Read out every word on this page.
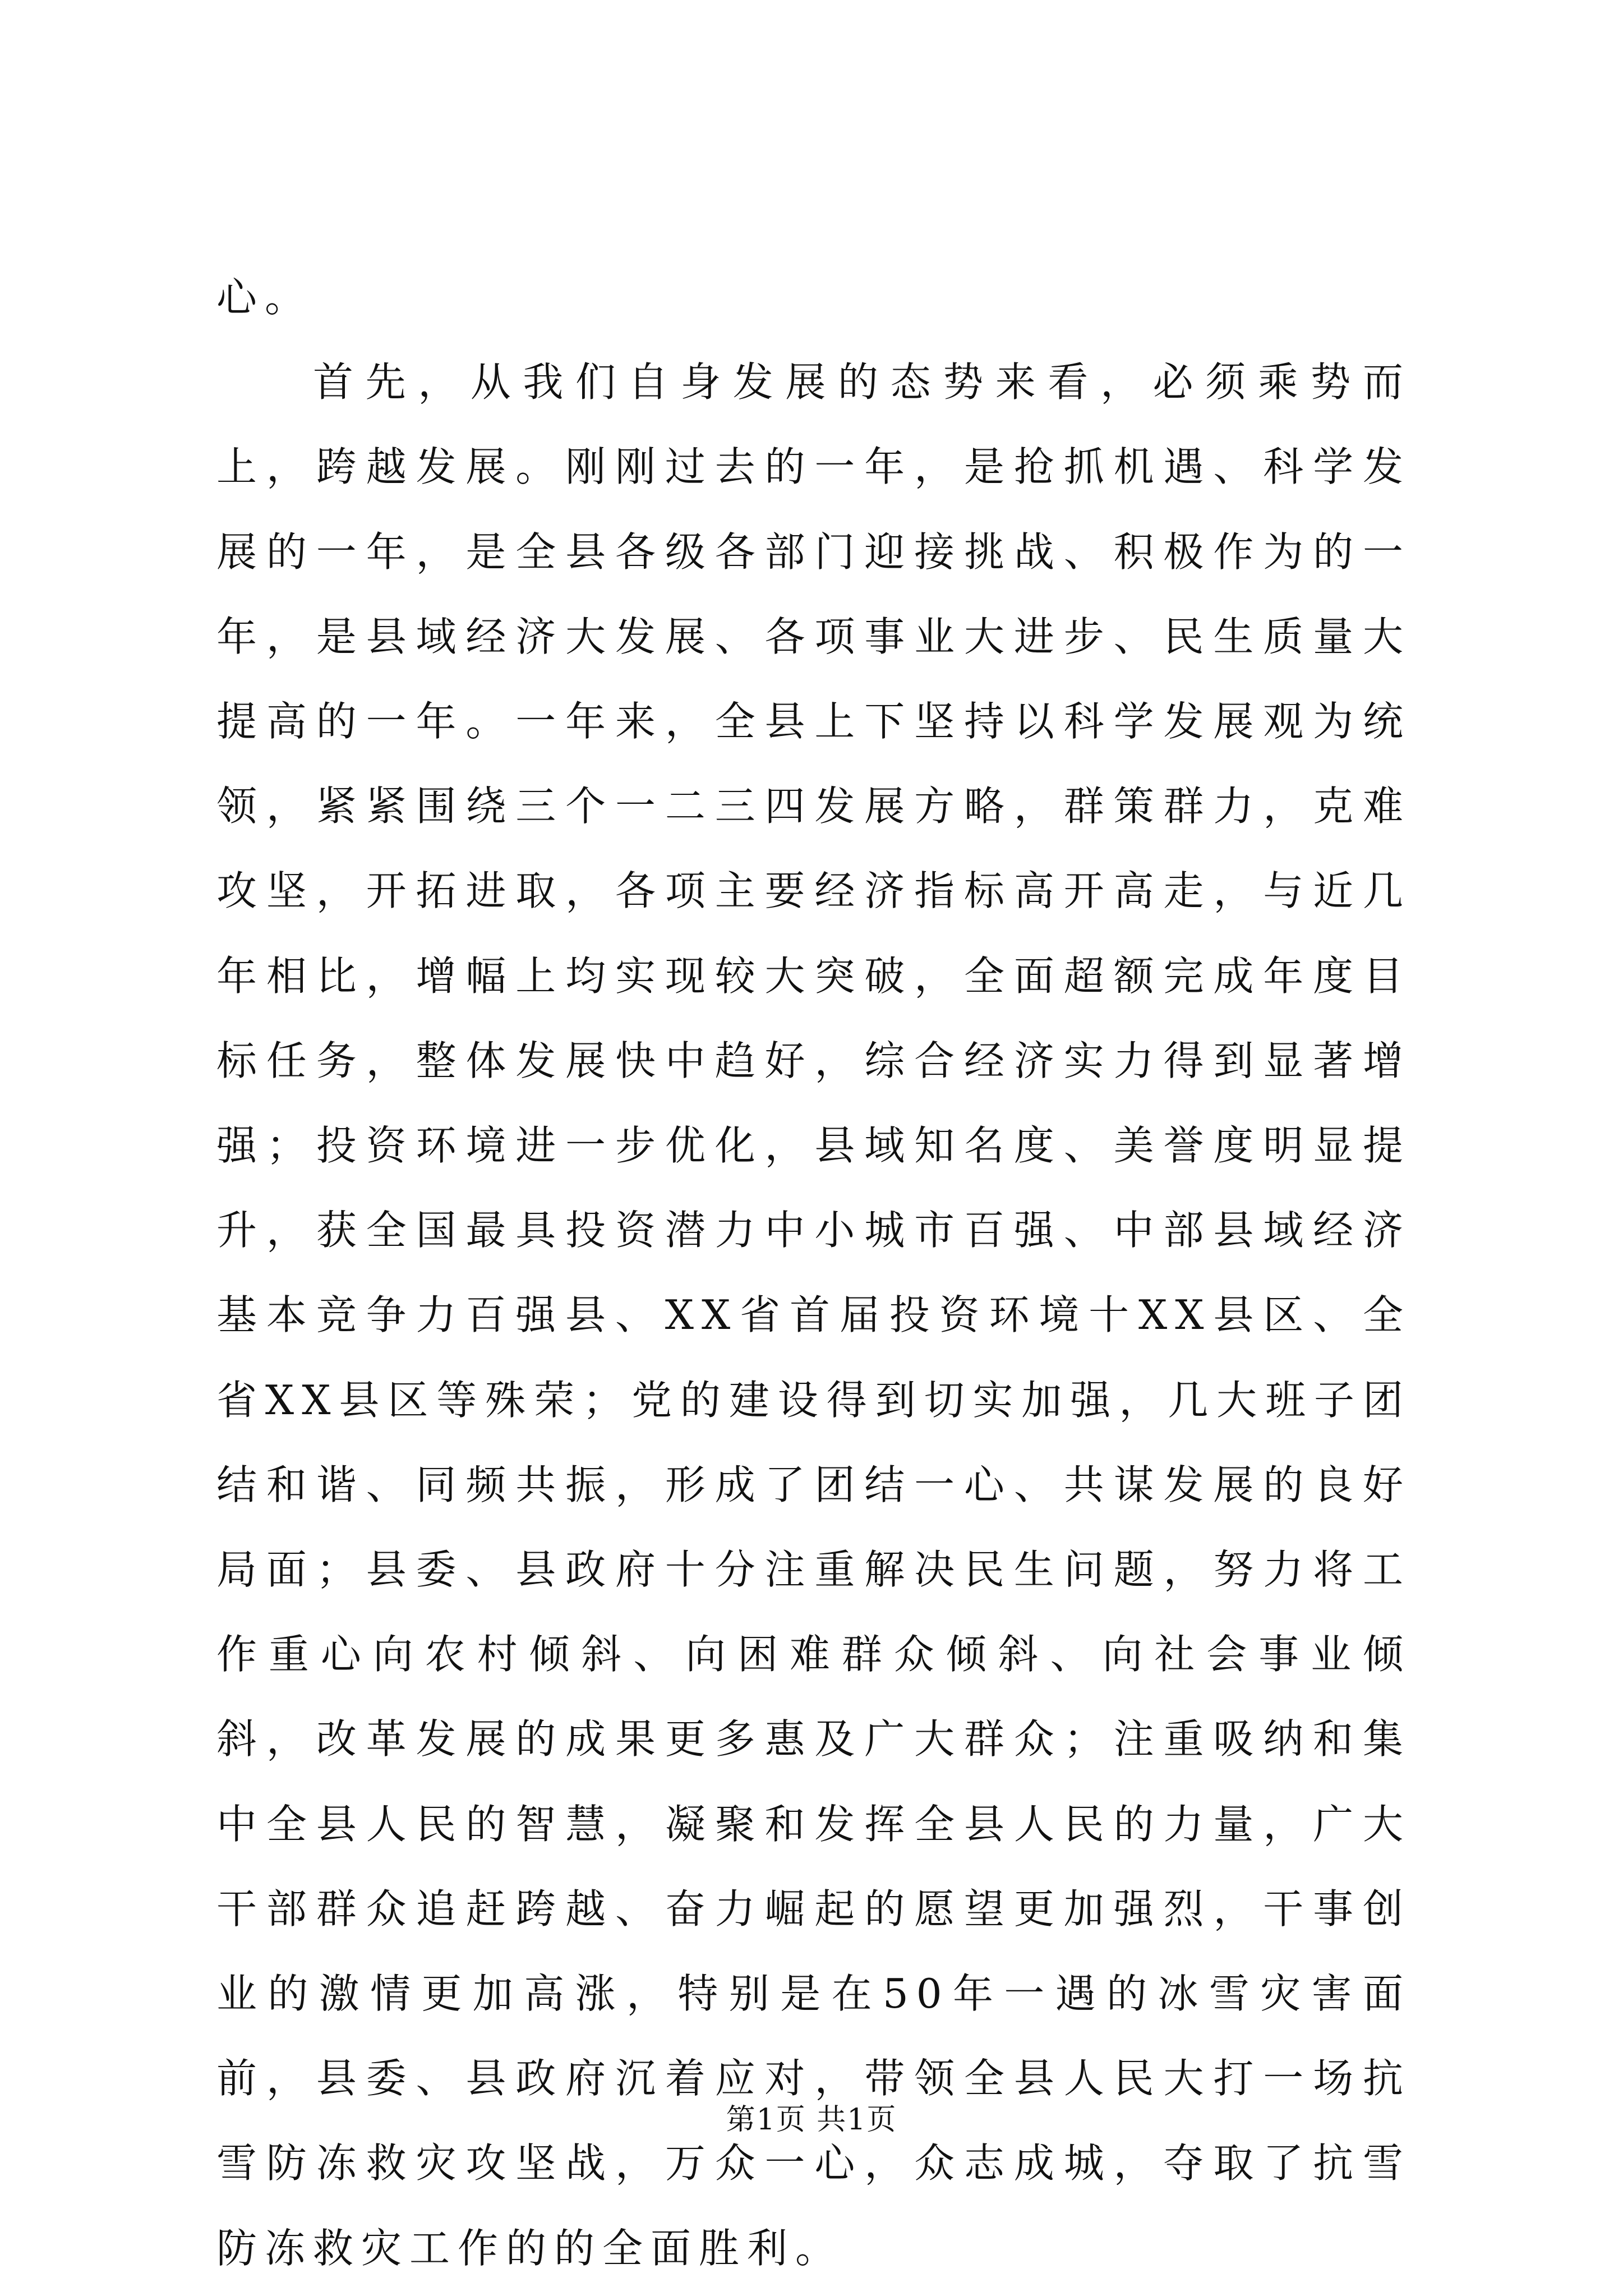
心。

首先，从我们自身发展的态势来看，必须乘势而上，跨越发展。刚刚过去的一年，是抢抓机遇、科学发展的一年，是全县各级各部门迎接挑战、积极作为的一年，是县域经济大发展、各项事业大进步、民生质量大提高的一年。一年来，全县上下坚持以科学发展观为统领，紧紧围绕三个一二三四发展方略，群策群力，克难攻坚，开拓进取，各项主要经济指标高开高走，与近几年相比，增幅上均实现较大突破，全面超额完成年度目标任务，整体发展快中趋好，综合经济实力得到显著增强；投资环境进一步优化，县域知名度、美誉度明显提升，获全国最具投资潜力中小城市百强、中部县域经济基本竞争力百强县、XX省首届投资环境十XX县区、全省XX县区等殊荣；党的建设得到切实加强，几大班子团结和谐、同频共振，形成了团结一心、共谋发展的良好局面；县委、县政府十分注重解决民生问题，努力将工作重心向农村倾斜、向困难群众倾斜、向社会事业倾斜，改革发展的成果更多惠及广大群众；注重吸纳和集中全县人民的智慧，凝聚和发挥全县人民的力量，广大干部群众追赶跨越、奋力崛起的愿望更加强烈，干事创业的激情更加高涨，特别是在50年一遇的冰雪灾害面前，县委、县政府沉着应对，带领全县人民大打一场抗雪防冻救灾攻坚战，万众一心，众志成城，夺取了抗雪防冻救灾工作的的全面胜利。

第1页 共1页
